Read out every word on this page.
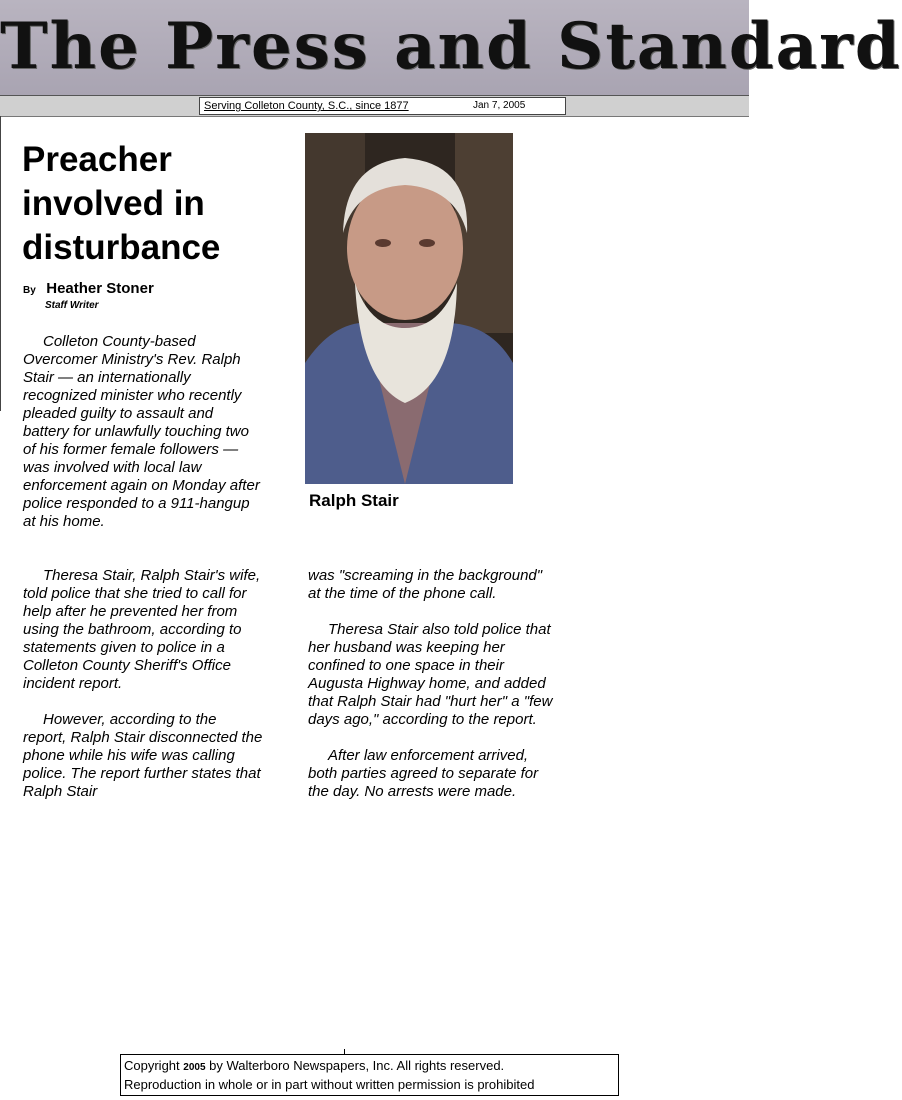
The Press and Standard
Serving Colleton County, S.C., since 1877	Jan 7, 2005
Preacher involved in disturbance
By Heather Stoner
Staff Writer
Ralph Stair

Colleton County-based Overcomer Ministry's Rev. Ralph Stair — an internationally recognized minister who recently pleaded guilty to assault and battery for unlawfully touching two of his former female followers — was involved with local law enforcement again on Monday after police responded to a 911-hangup at his home.

Theresa Stair, Ralph Stair's wife, told police that she tried to call for help after he prevented her from using the bathroom, according to statements given to police in a Colleton County Sheriff's Office incident report.

However, according to the report, Ralph Stair disconnected the phone while his wife was calling police. The report further states that Ralph Stair

was "screaming in the background" at the time of the phone call.

Theresa Stair also told police that her husband was keeping her confined to one space in their Augusta Highway home, and added that Ralph Stair had "hurt her" a "few days ago," according to the report.

After law enforcement arrived, both parties agreed to separate for the day. No arrests were made.

Copyright 2005 by Walterboro Newspapers, Inc. All rights reserved.
Reproduction in whole or in part without written permission is prohibited
